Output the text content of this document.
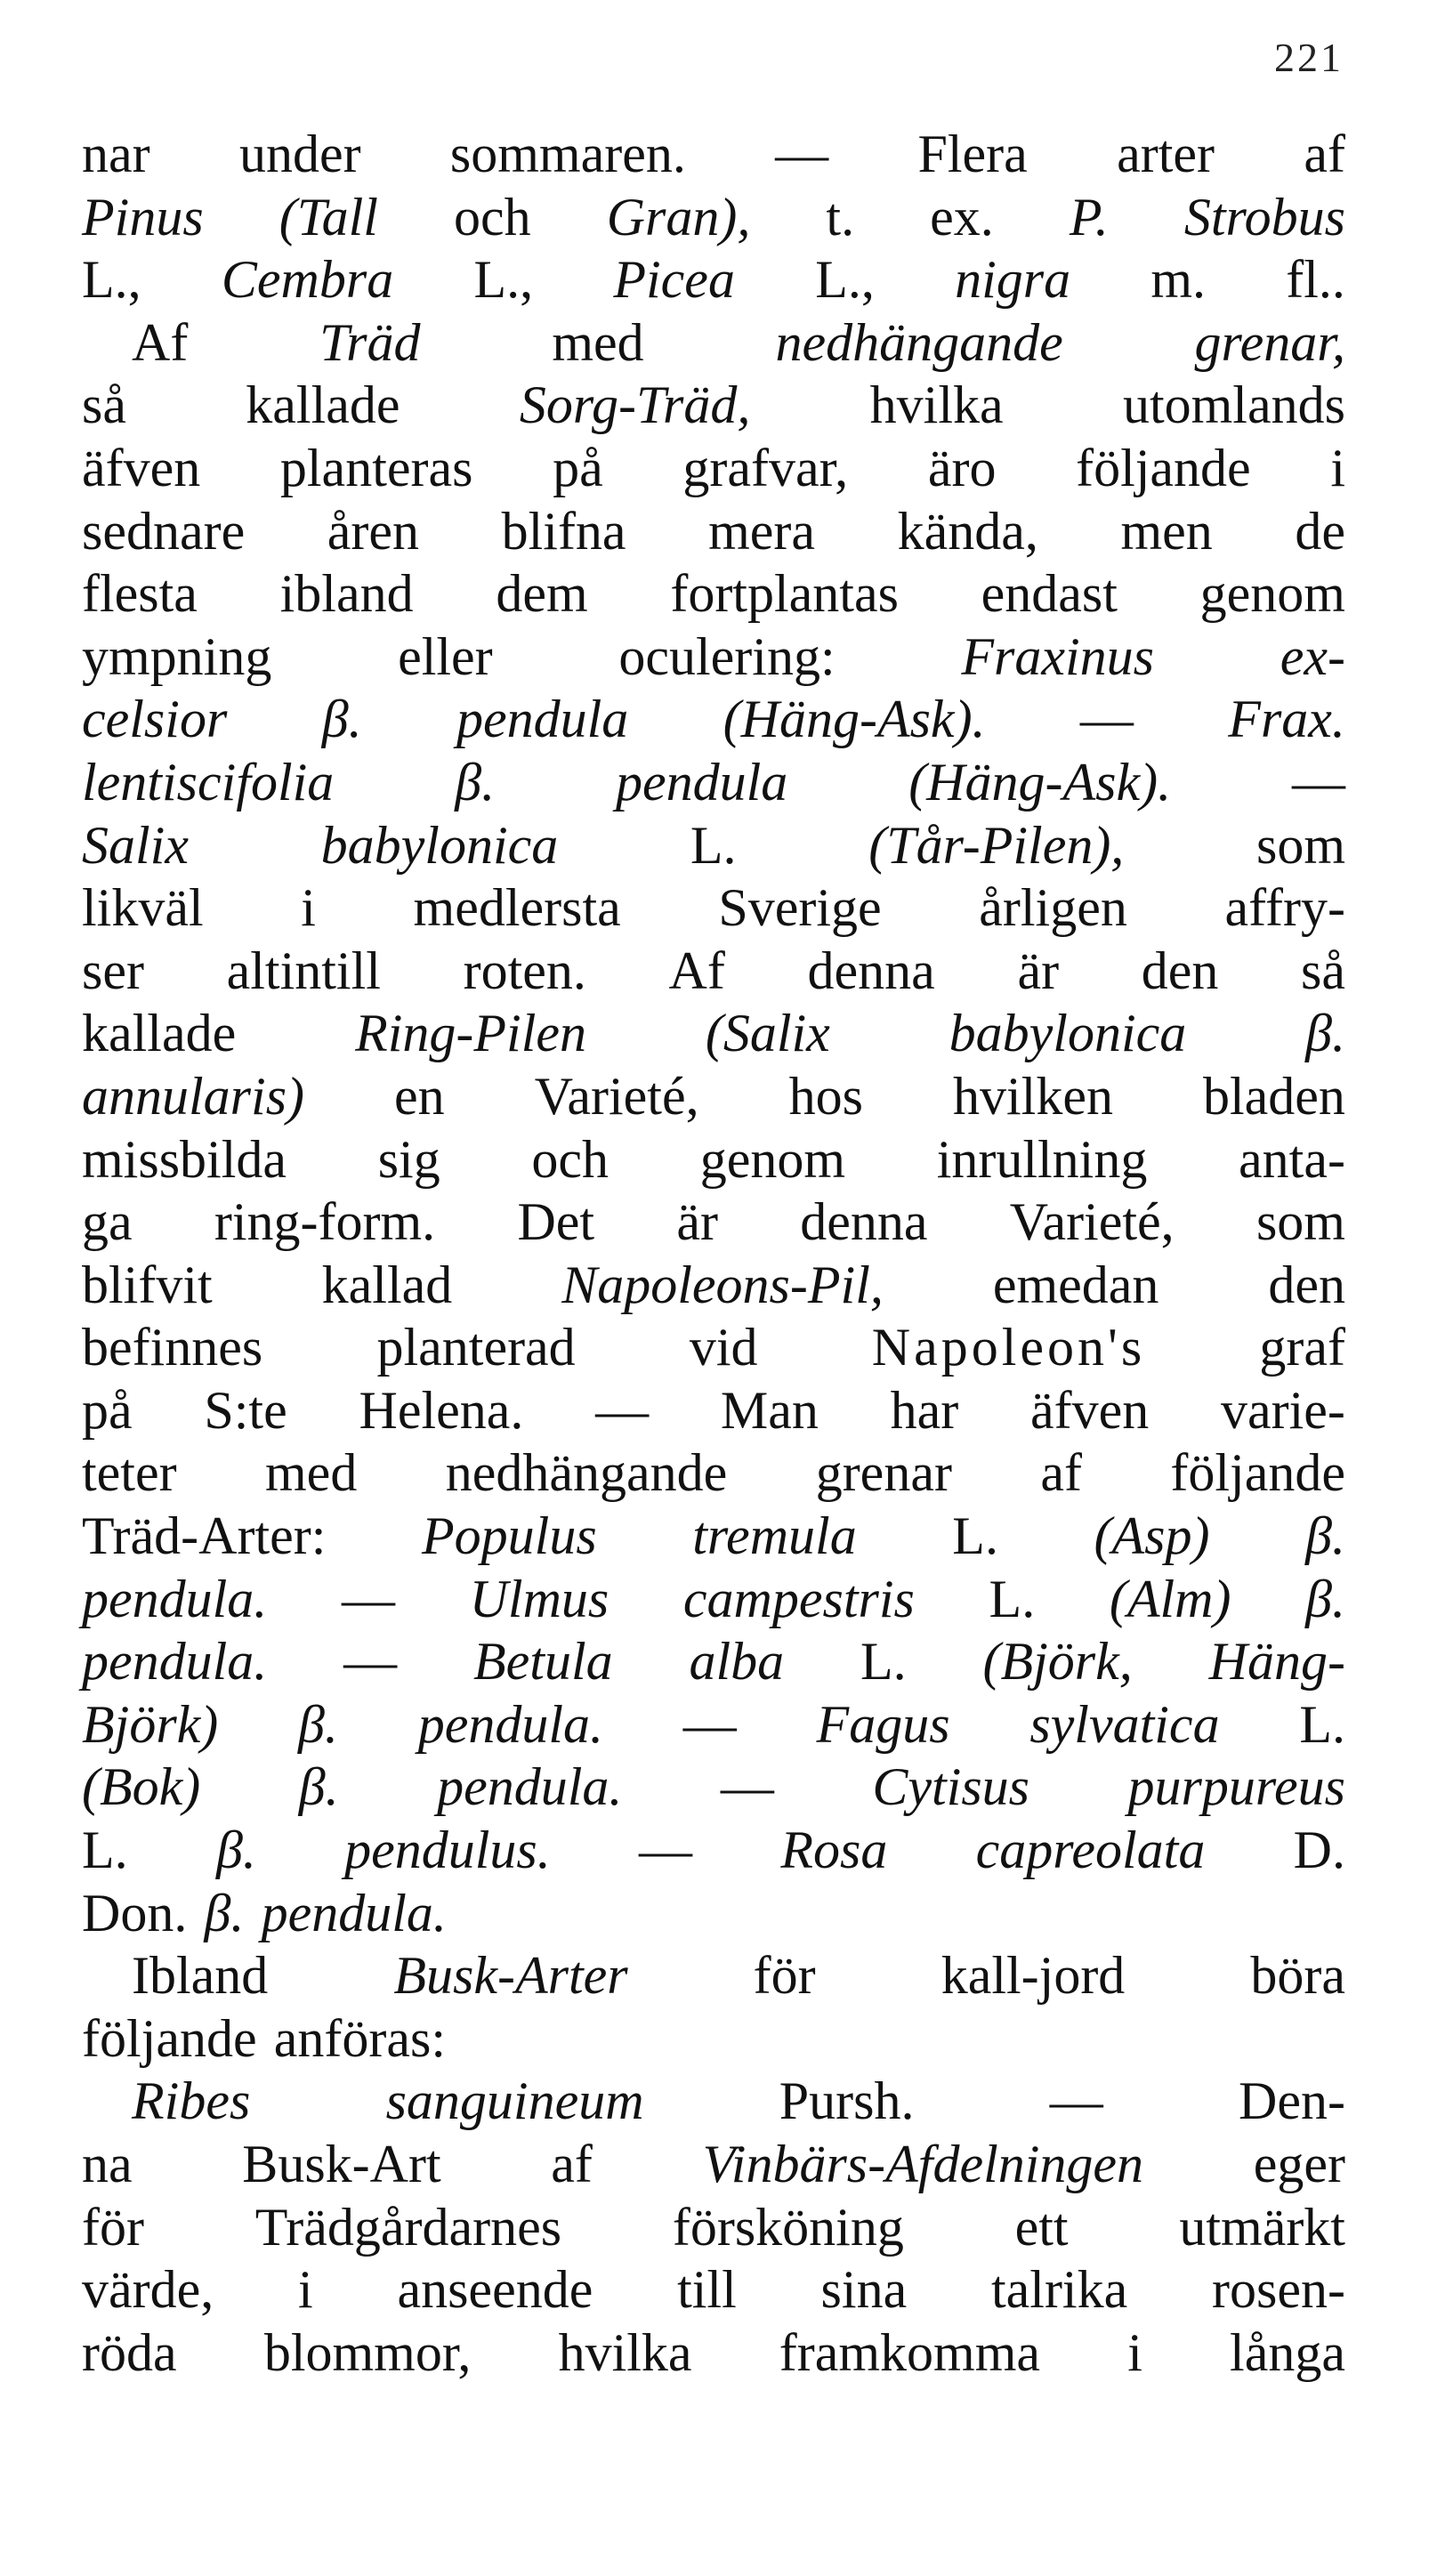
221
nar under sommaren. — Flera arter af
Pinus (Tall och Gran), t. ex. P. Strobus
L., Cembra L., Picea L., nigra m. fl..
Af Träd med nedhängande grenar,
så kallade Sorg-Träd, hvilka utomlands
äfven planteras på grafvar, äro följande i
sednare åren blifna mera kända, men de
flesta ibland dem fortplantas endast genom
ympning eller oculering: Fraxinus ex-
celsior β. pendula (Häng-Ask). — Frax.
lentiscifolia β. pendula (Häng-Ask). —
Salix babylonica L. (Tår-Pilen), som
likväl i medlersta Sverige årligen affry-
ser altintill roten. Af denna är den så
kallade Ring-Pilen (Salix babylonica β.
annularis) en Varieté, hos hvilken bladen
missbilda sig och genom inrullning anta-
ga ring-form. Det är denna Varieté, som
blifvit kallad Napoleons-Pil, emedan den
befinnes planterad vid Napoleon's graf
på S:te Helena. — Man har äfven varie-
teter med nedhängande grenar af följande
Träd-Arter: Populus tremula L. (Asp) β.
pendula. — Ulmus campestris L. (Alm) β.
pendula. — Betula alba L. (Björk, Häng-
Björk) β. pendula. — Fagus sylvatica L.
(Bok) β. pendula. — Cytisus purpureus
L. β. pendulus. — Rosa capreolata D.
Don. β. pendula.
Ibland Busk-Arter för kall-jord böra
följande anföras:
Ribes	sanguineum	Pursh.	—	Den-
na Busk-Art af Vinbärs-Afdelningen eger
för Trädgårdarnes försköning ett utmärkt
värde, i anseende till sina talrika rosen-
röda blommor, hvilka framkomma i långa
